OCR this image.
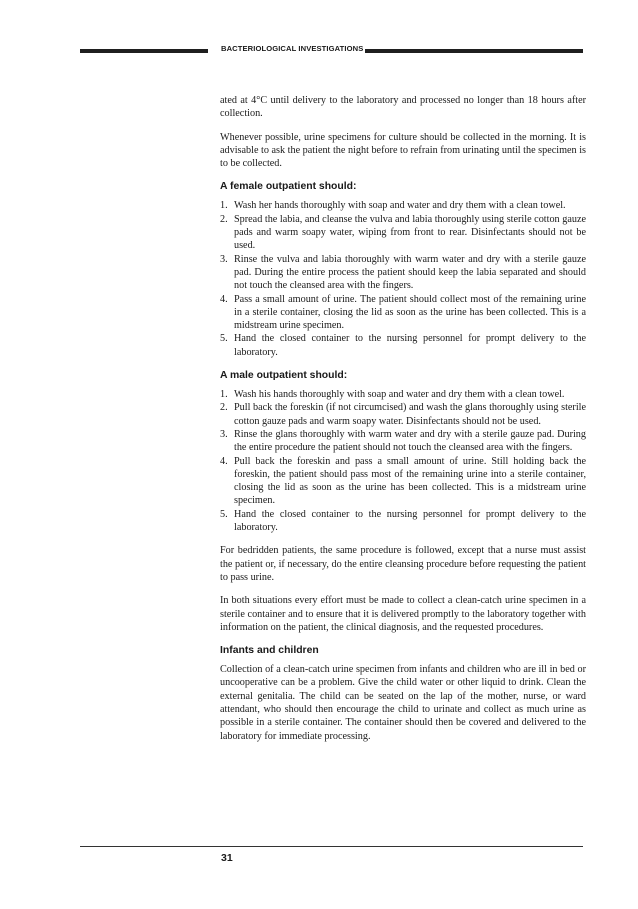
BACTERIOLOGICAL INVESTIGATIONS

ated at 4°C until delivery to the laboratory and processed no longer than 18 hours after collection.

Whenever possible, urine specimens for culture should be collected in the morning. It is advisable to ask the patient the night before to refrain from urinating until the specimen is to be collected.

A female outpatient should:
1. Wash her hands thoroughly with soap and water and dry them with a clean towel.
2. Spread the labia, and cleanse the vulva and labia thoroughly using sterile cotton gauze pads and warm soapy water, wiping from front to rear. Disinfectants should not be used.
3. Rinse the vulva and labia thoroughly with warm water and dry with a sterile gauze pad. During the entire process the patient should keep the labia separated and should not touch the cleansed area with the fingers.
4. Pass a small amount of urine. The patient should collect most of the remaining urine in a sterile container, closing the lid as soon as the urine has been collected. This is a midstream urine specimen.
5. Hand the closed container to the nursing personnel for prompt delivery to the laboratory.
A male outpatient should:
1. Wash his hands thoroughly with soap and water and dry them with a clean towel.
2. Pull back the foreskin (if not circumcised) and wash the glans thoroughly using sterile cotton gauze pads and warm soapy water. Disinfectants should not be used.
3. Rinse the glans thoroughly with warm water and dry with a sterile gauze pad. During the entire procedure the patient should not touch the cleansed area with the fingers.
4. Pull back the foreskin and pass a small amount of urine. Still holding back the foreskin, the patient should pass most of the remaining urine into a sterile container, closing the lid as soon as the urine has been collected. This is a midstream urine specimen.
5. Hand the closed container to the nursing personnel for prompt delivery to the laboratory.

For bedridden patients, the same procedure is followed, except that a nurse must assist the patient or, if necessary, do the entire cleansing procedure before requesting the patient to pass urine.

In both situations every effort must be made to collect a clean-catch urine specimen in a sterile container and to ensure that it is delivered promptly to the laboratory together with information on the patient, the clinical diagnosis, and the requested procedures.

Infants and children

Collection of a clean-catch urine specimen from infants and children who are ill in bed or uncooperative can be a problem. Give the child water or other liquid to drink. Clean the external genitalia. The child can be seated on the lap of the mother, nurse, or ward attendant, who should then encourage the child to urinate and collect as much urine as possible in a sterile container. The container should then be covered and delivered to the laboratory for immediate processing.

31
